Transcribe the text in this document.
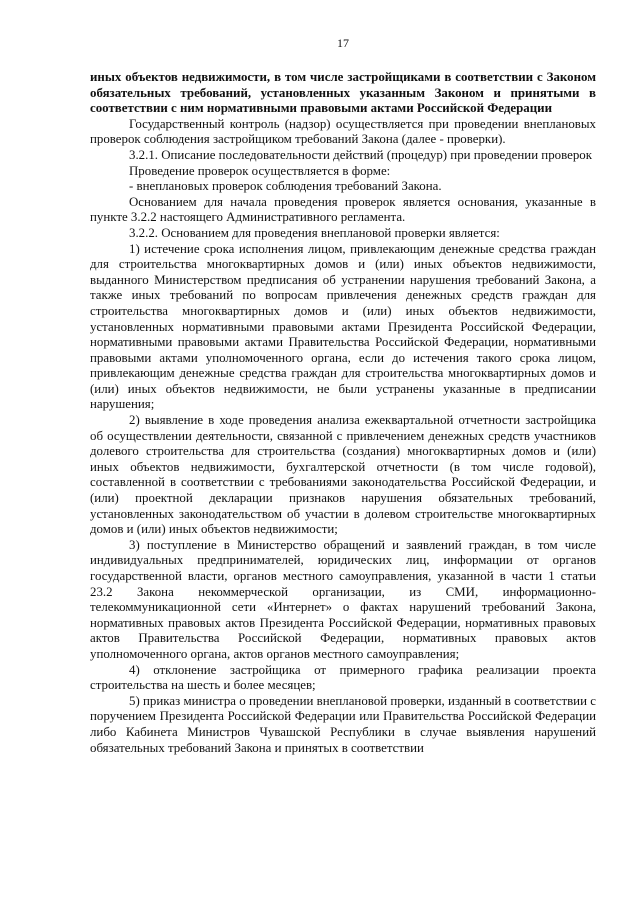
17

иных объектов недвижимости, в том числе застройщиками в соответствии с Законом обязательных требований, установленных указанным Законом и принятыми в соответствии с ним нормативными правовыми актами Российской Федерации

Государственный контроль (надзор) осуществляется при проведении внеплановых проверок соблюдения застройщиком требований Закона (далее - проверки).

3.2.1. Описание последовательности действий (процедур) при проведении проверок

Проведение проверок осуществляется в форме:

- внеплановых проверок соблюдения требований Закона.

Основанием для начала проведения проверок является основания, указанные в пункте 3.2.2 настоящего Административного регламента.

3.2.2. Основанием для проведения внеплановой проверки является:

1) истечение срока исполнения лицом, привлекающим денежные средства граждан для строительства многоквартирных домов и (или) иных объектов недвижимости, выданного Министерством предписания об устранении нарушения требований Закона, а также иных требований по вопросам привлечения денежных средств граждан для строительства многоквартирных домов и (или) иных объектов недвижимости, установленных нормативными правовыми актами Президента Российской Федерации, нормативными правовыми актами Правительства Российской Федерации, нормативными правовыми актами уполномоченного органа, если до истечения такого срока лицом, привлекающим денежные средства граждан для строительства многоквартирных домов и (или) иных объектов недвижимости, не были устранены указанные в предписании нарушения;

2) выявление в ходе проведения анализа ежеквартальной отчетности застройщика об осуществлении деятельности, связанной с привлечением денежных средств участников долевого строительства для строительства (создания) многоквартирных домов и (или) иных объектов недвижимости, бухгалтерской отчетности (в том числе годовой), составленной в соответствии с требованиями законодательства Российской Федерации, и (или) проектной декларации признаков нарушения обязательных требований, установленных законодательством об участии в долевом строительстве многоквартирных домов и (или) иных объектов недвижимости;

3) поступление в Министерство обращений и заявлений граждан, в том числе индивидуальных предпринимателей, юридических лиц, информации от органов государственной власти, органов местного самоуправления, указанной в части 1 статьи 23.2 Закона некоммерческой организации, из СМИ, информационно-телекоммуникационной сети «Интернет» о фактах нарушений требований Закона, нормативных правовых актов Президента Российской Федерации, нормативных правовых актов Правительства Российской Федерации, нормативных правовых актов уполномоченного органа, актов органов местного самоуправления;

4) отклонение застройщика от примерного графика реализации проекта строительства на шесть и более месяцев;

5) приказ министра о проведении внеплановой проверки, изданный в соответствии с поручением Президента Российской Федерации или Правительства Российской Федерации либо Кабинета Министров Чувашской Республики в случае выявления нарушений обязательных требований Закона и принятых в соответствии
